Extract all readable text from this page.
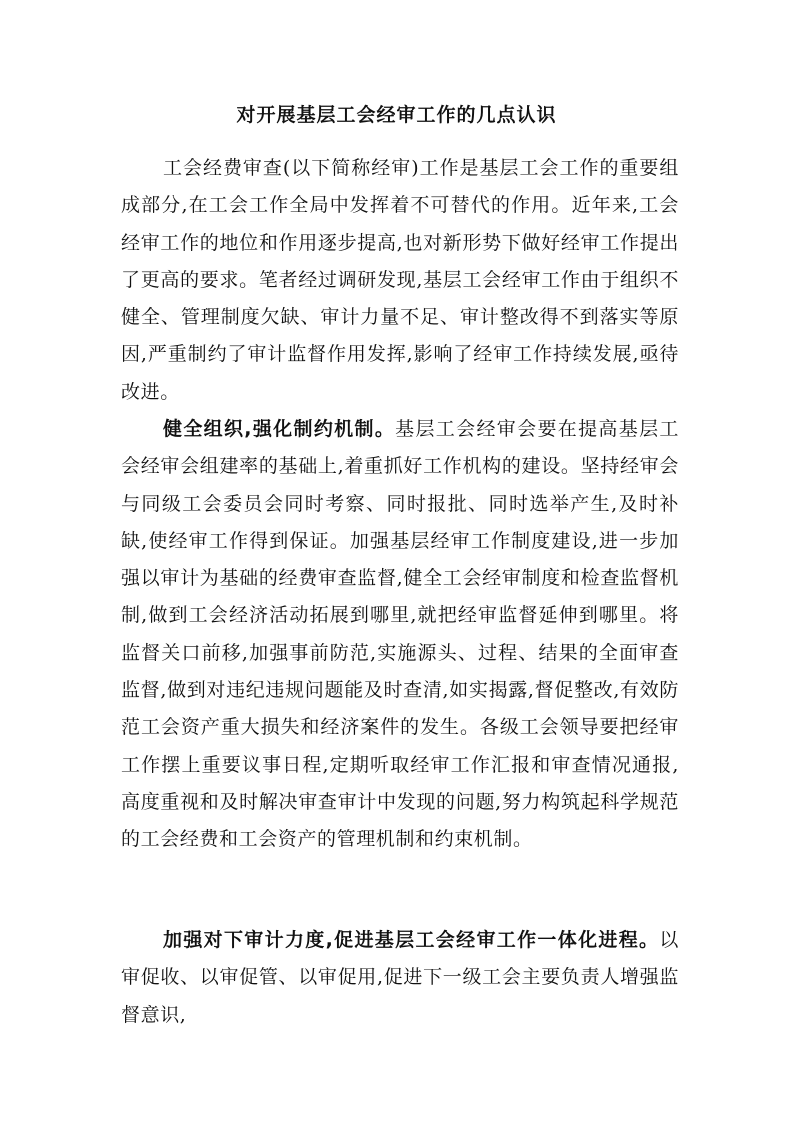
对开展基层工会经审工作的几点认识

工会经费审查(以下简称经审)工作是基层工会工作的重要组成部分,在工会工作全局中发挥着不可替代的作用。近年来,工会经审工作的地位和作用逐步提高,也对新形势下做好经审工作提出了更高的要求。笔者经过调研发现,基层工会经审工作由于组织不健全、管理制度欠缺、审计力量不足、审计整改得不到落实等原因,严重制约了审计监督作用发挥,影响了经审工作持续发展,亟待改进。

健全组织,强化制约机制。基层工会经审会要在提高基层工会经审会组建率的基础上,着重抓好工作机构的建设。坚持经审会与同级工会委员会同时考察、同时报批、同时选举产生,及时补缺,使经审工作得到保证。加强基层经审工作制度建设,进一步加强以审计为基础的经费审查监督,健全工会经审制度和检查监督机制,做到工会经济活动拓展到哪里,就把经审监督延伸到哪里。将监督关口前移,加强事前防范,实施源头、过程、结果的全面审查监督,做到对违纪违规问题能及时查清,如实揭露,督促整改,有效防范工会资产重大损失和经济案件的发生。各级工会领导要把经审工作摆上重要议事日程,定期听取经审工作汇报和审查情况通报,高度重视和及时解决审查审计中发现的问题,努力构筑起科学规范的工会经费和工会资产的管理机制和约束机制。

加强对下审计力度,促进基层工会经审工作一体化进程。以审促收、以审促管、以审促用,促进下一级工会主要负责人增强监督意识,
